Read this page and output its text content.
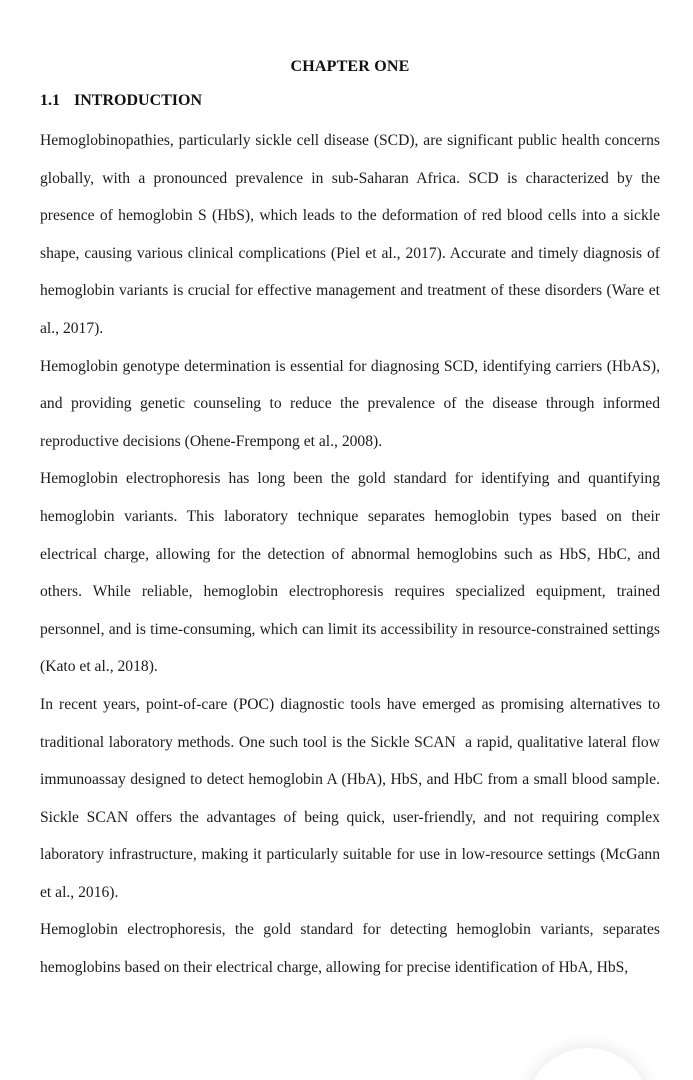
CHAPTER ONE
1.1 INTRODUCTION

Hemoglobinopathies, particularly sickle cell disease (SCD), are significant public health concerns globally, with a pronounced prevalence in sub-Saharan Africa. SCD is characterized by the presence of hemoglobin S (HbS), which leads to the deformation of red blood cells into a sickle shape, causing various clinical complications (Piel et al., 2017). Accurate and timely diagnosis of hemoglobin variants is crucial for effective management and treatment of these disorders (Ware et al., 2017).

Hemoglobin genotype determination is essential for diagnosing SCD, identifying carriers (HbAS), and providing genetic counseling to reduce the prevalence of the disease through informed reproductive decisions (Ohene-Frempong et al., 2008).

Hemoglobin electrophoresis has long been the gold standard for identifying and quantifying hemoglobin variants. This laboratory technique separates hemoglobin types based on their electrical charge, allowing for the detection of abnormal hemoglobins such as HbS, HbC, and others. While reliable, hemoglobin electrophoresis requires specialized equipment, trained personnel, and is time-consuming, which can limit its accessibility in resource-constrained settings (Kato et al., 2018).

In recent years, point-of-care (POC) diagnostic tools have emerged as promising alternatives to traditional laboratory methods. One such tool is the Sickle SCAN  a rapid, qualitative lateral flow immunoassay designed to detect hemoglobin A (HbA), HbS, and HbC from a small blood sample. Sickle SCAN offers the advantages of being quick, user-friendly, and not requiring complex laboratory infrastructure, making it particularly suitable for use in low-resource settings (McGann et al., 2016).

Hemoglobin electrophoresis, the gold standard for detecting hemoglobin variants, separates hemoglobins based on their electrical charge, allowing for precise identification of HbA, HbS,
